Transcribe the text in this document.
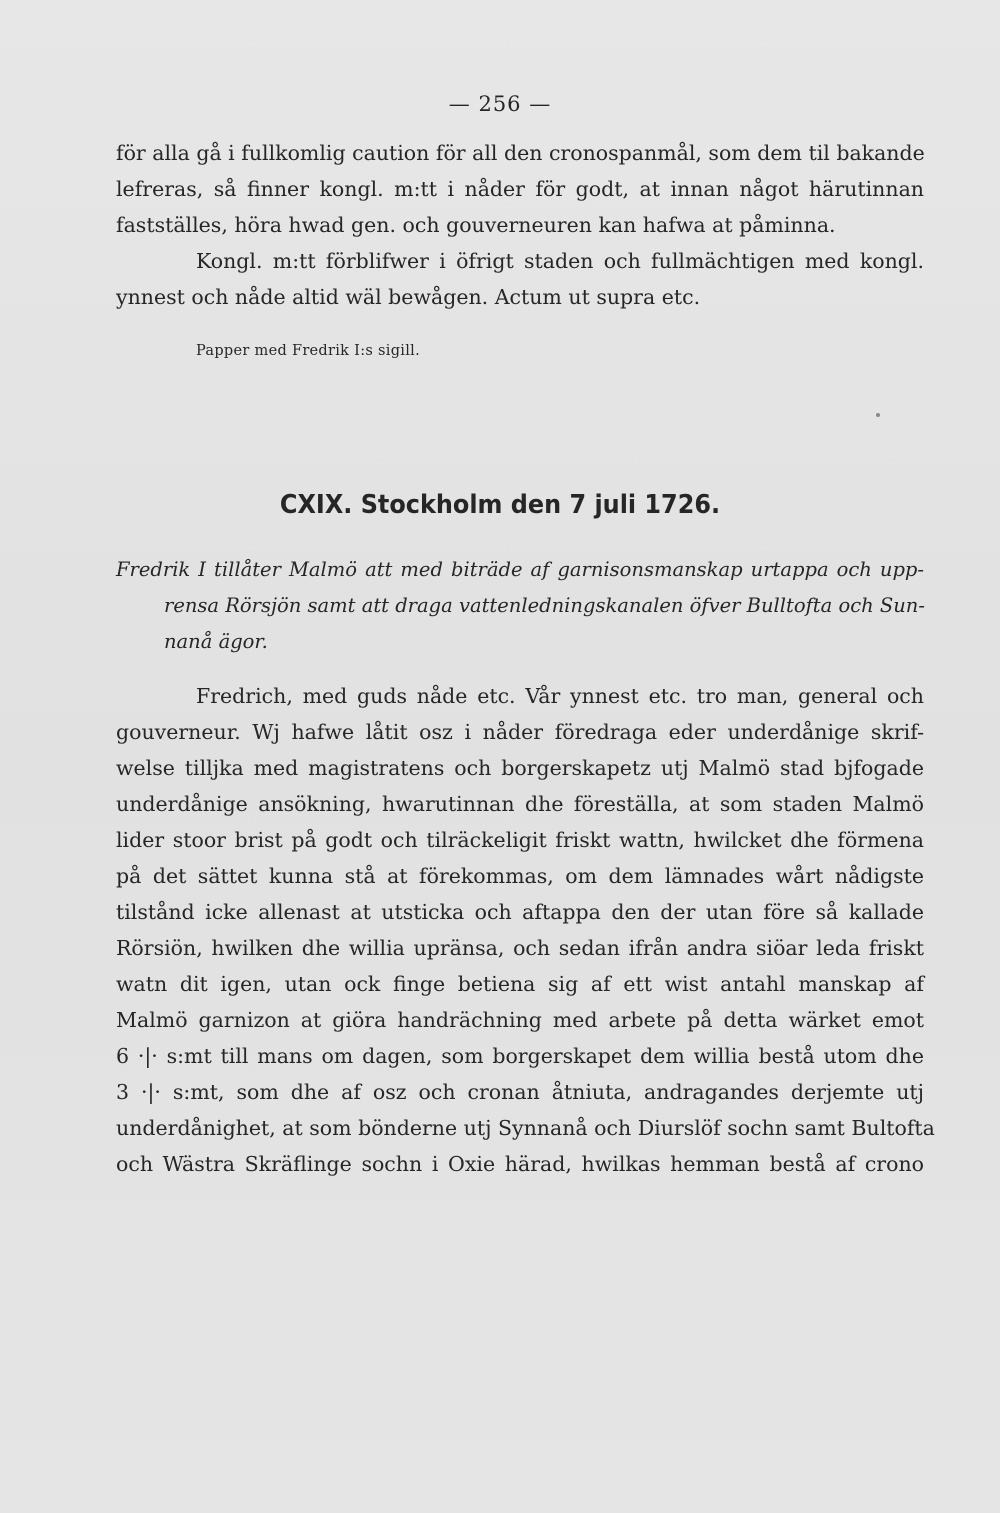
— 256 —
för alla gå i fullkomlig caution för all den cronospanmål, som dem til bakande
lefreras, så finner kongl. m:tt i nåder för godt, at innan något härutinnan
fastställes, höra hwad gen. och gouverneuren kan hafwa at påminna.
Kongl. m:tt förblifwer i öfrigt staden och fullmächtigen med kongl.
ynnest och nåde altid wäl bewågen. Actum ut supra etc.
Papper med Fredrik I:s sigill.
CXIX. Stockholm den 7 juli 1726.
Fredrik I tillåter Malmö att med biträde af garnisonsmanskap urtappa och upp-
rensa Rörsjön samt att draga vattenledningskanalen öfver Bulltofta och Sun-
nanå ägor.
Fredrich, med guds nåde etc. Vår ynnest etc. tro man, general och
gouverneur. Wj hafwe låtit osz i nåder föredraga eder underdånige skrif-
welse tilljka med magistratens och borgerskapetz utj Malmö stad bjfogade
underdånige ansökning, hwarutinnan dhe föreställa, at som staden Malmö
lider stoor brist på godt och tilräckeligit friskt wattn, hwilcket dhe förmena
på det sättet kunna stå at förekommas, om dem lämnades wårt nådigste
tilstånd icke allenast at utsticka och aftappa den der utan före så kallade
Rörsiön, hwilken dhe willia upränsa, och sedan ifrån andra siöar leda friskt
watn dit igen, utan ock finge betiena sig af ett wist antahl manskap af
Malmö garnizon at giöra handrächning med arbete på detta wärket emot
6 ·|· s:mt till mans om dagen, som borgerskapet dem willia bestå utom dhe
3 ·|· s:mt, som dhe af osz och cronan åtniuta, andragandes derjemte utj
underdånighet, at som bönderne utj Synnanå och Diurslöf sochn samt Bultofta
och Wästra Skräflinge sochn i Oxie härad, hwilkas hemman bestå af crono
